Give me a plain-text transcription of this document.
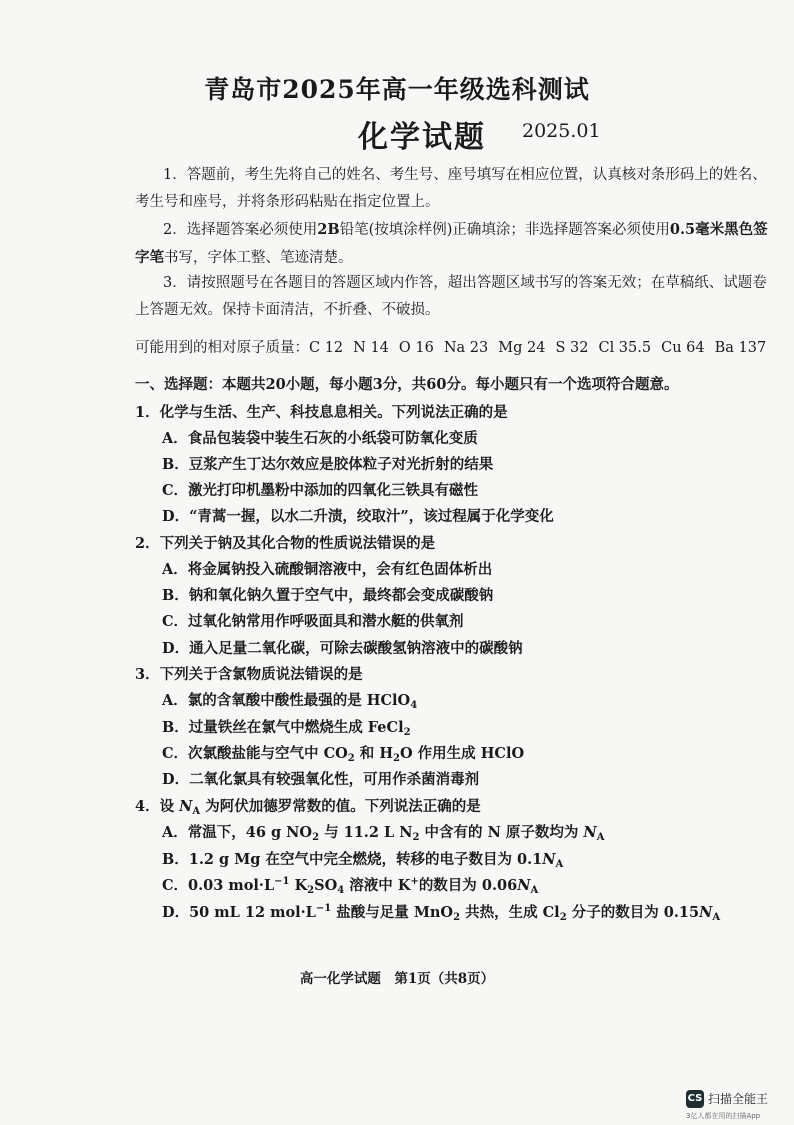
青岛市2025年高一年级选科测试
化学试题 2025.01
1．答题前，考生先将自己的姓名、考生号、座号填写在相应位置，认真核对条形码上的姓名、考生号和座号，并将条形码粘贴在指定位置上。
2．选择题答案必须使用2B铅笔(按填涂样例)正确填涂；非选择题答案必须使用0.5毫米黑色签字笔书写，字体工整、笔迹清楚。
3．请按照题号在各题目的答题区域内作答，超出答题区域书写的答案无效；在草稿纸、试题卷上答题无效。保持卡面清洁，不折叠、不破损。
可能用到的相对原子质量：C 12 N 14 O 16 Na 23 Mg 24 S 32 Cl 35.5 Cu 64 Ba 137
一、选择题：本题共20小题，每小题3分，共60分。每小题只有一个选项符合题意。
1．化学与生活、生产、科技息息相关。下列说法正确的是
A．食品包装袋中装生石灰的小纸袋可防氧化变质
B．豆浆产生丁达尔效应是胶体粒子对光折射的结果
C．激光打印机墨粉中添加的四氧化三铁具有磁性
D．“青蒿一握，以水二升渍，绞取汁”，该过程属于化学变化
2．下列关于钠及其化合物的性质说法错误的是
A．将金属钠投入硫酸铜溶液中，会有红色固体析出
B．钠和氧化钠久置于空气中，最终都会变成碳酸钠
C．过氧化钠常用作呼吸面具和潜水艇的供氧剂
D．通入足量二氧化碳，可除去碳酸氢钠溶液中的碳酸钠
3．下列关于含氯物质说法错误的是
A．氯的含氧酸中酸性最强的是 HClO$_4$
B．过量铁丝在氯气中燃烧生成 FeCl$_2$
C．次氯酸盐能与空气中 $CO_2$ 和 $H_2O$ 作用生成 HClO
D．二氧化氯具有较强氧化性，可用作杀菌消毒剂
4．设 $N_A$ 为阿伏加德罗常数的值。下列说法正确的是
A．常温下，46 g $NO_2$ 与 11.2 L $N_2$ 中含有的 N 原子数均为 $N_A$
B．1.2 g Mg 在空气中完全燃烧，转移的电子数目为 $0.1N_A$
C．0.03 $mol\cdot L^{-1}$ $K_2SO_4$ 溶液中 K+的数目为 $0.06N_A$
D．50 mL 12 $mol\cdot L^{-1}$ 盐酸与足量 MnO$_2$ 共热，生成 $Cl_2$ 分子的数目为 $0.15N_A$
高一化学试题　第1页（共8页）
CS 扫描全能王
3亿人都在用的扫描App
